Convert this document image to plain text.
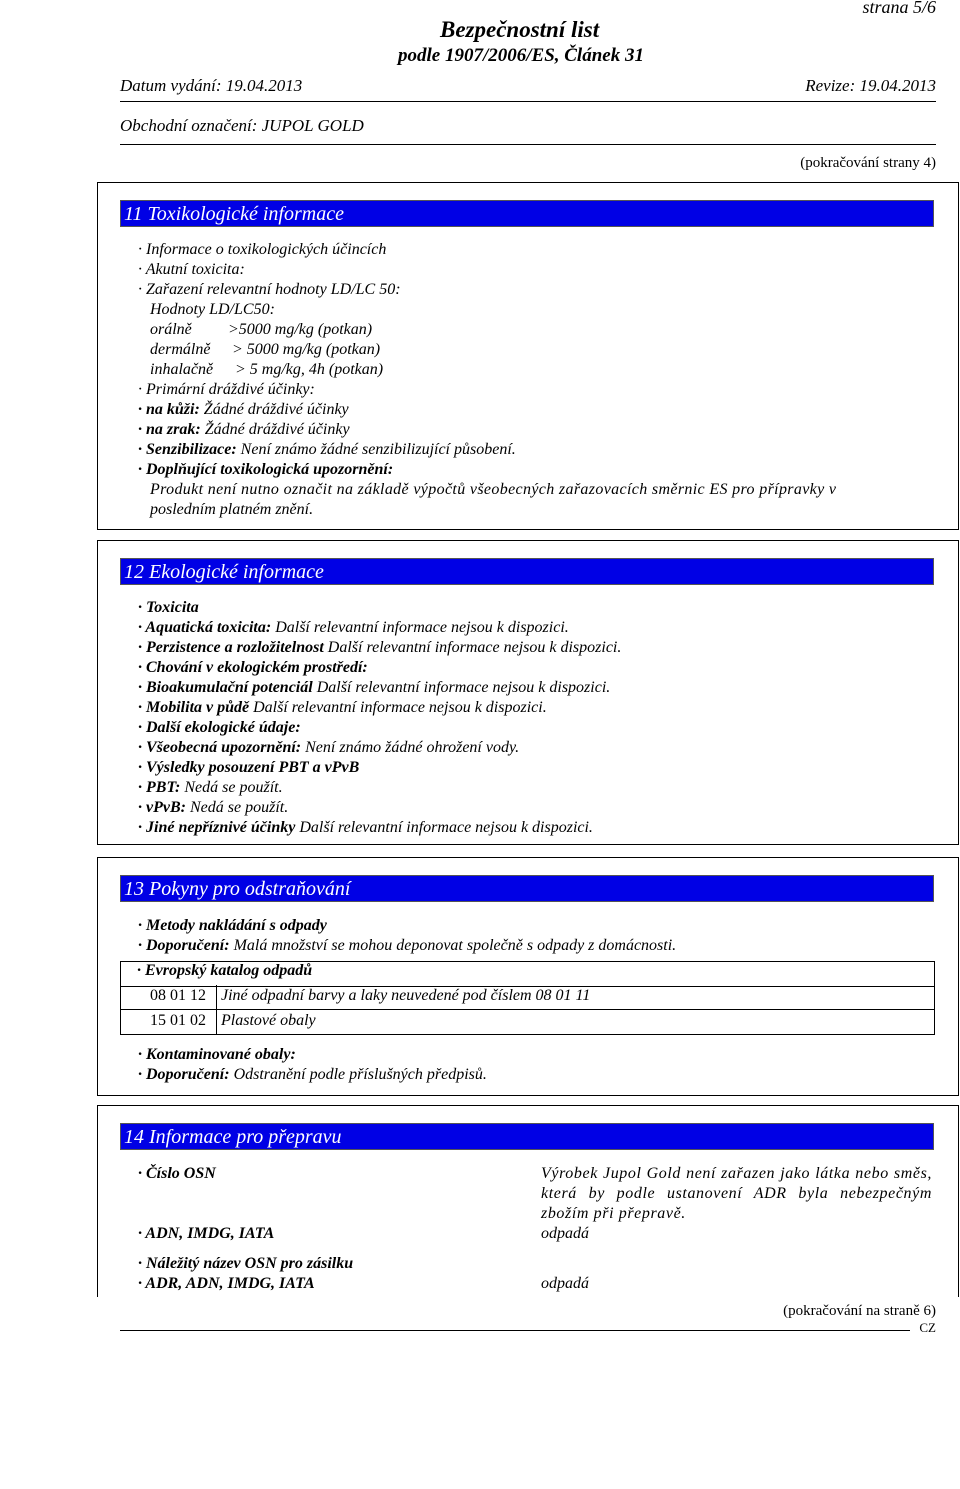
strana 5/6
Bezpečnostní list
podle 1907/2006/ES, Článek 31
Datum vydání: 19.04.2013	Revize: 19.04.2013
Obchodní označení: JUPOL GOLD
(pokračování strany 4)
11 Toxikologické informace
· Informace o toxikologických účincích
· Akutní toxicita:
· Zařazení relevantní hodnoty LD/LC 50:
Hodnoty LD/LC50:
orálně >5000 mg/kg (potkan)
dermálně > 5000 mg/kg (potkan)
inhalačně > 5 mg/kg, 4h (potkan)
· Primární dráždivé účinky:
· na kůži: Žádné dráždivé účinky
· na zrak: Žádné dráždivé účinky
· Senzibilizace: Není známo žádné senzibilizující působení.
· Doplňující toxikologická upozornění:
Produkt není nutno označit na základě výpočtů všeobecných zařazovacích směrnic ES pro přípravky v
posledním platném znění.
12 Ekologické informace
· Toxicita
· Aquatická toxicita: Další relevantní informace nejsou k dispozici.
· Perzistence a rozložitelnost Další relevantní informace nejsou k dispozici.
· Chování v ekologickém prostředí:
· Bioakumulační potenciál Další relevantní informace nejsou k dispozici.
· Mobilita v půdě Další relevantní informace nejsou k dispozici.
· Další ekologické údaje:
· Všeobecná upozornění: Není známo žádné ohrožení vody.
· Výsledky posouzení PBT a vPvB
· PBT: Nedá se použít.
· vPvB: Nedá se použít.
· Jiné nepříznivé účinky Další relevantní informace nejsou k dispozici.
13 Pokyny pro odstraňování
· Metody nakládání s odpady
· Doporučení: Malá množství se mohou deponovat společně s odpady z domácnosti.
· Evropský katalog odpadů
08 01 12 Jiné odpadní barvy a laky neuvedené pod číslem 08 01 11
15 01 02 Plastové obaly
· Kontaminované obaly:
· Doporučení: Odstranění podle příslušných předpisů.
14 Informace pro přepravu
· Číslo OSN	Výrobek Jupol Gold není zařazen jako látka nebo směs, která by podle ustanovení ADR byla nebezpečným zbožím při přepravě.
· ADN, IMDG, IATA	odpadá
· Náležitý název OSN pro zásilku
· ADR, ADN, IMDG, IATA	odpadá
(pokračování na straně 6)
CZ
